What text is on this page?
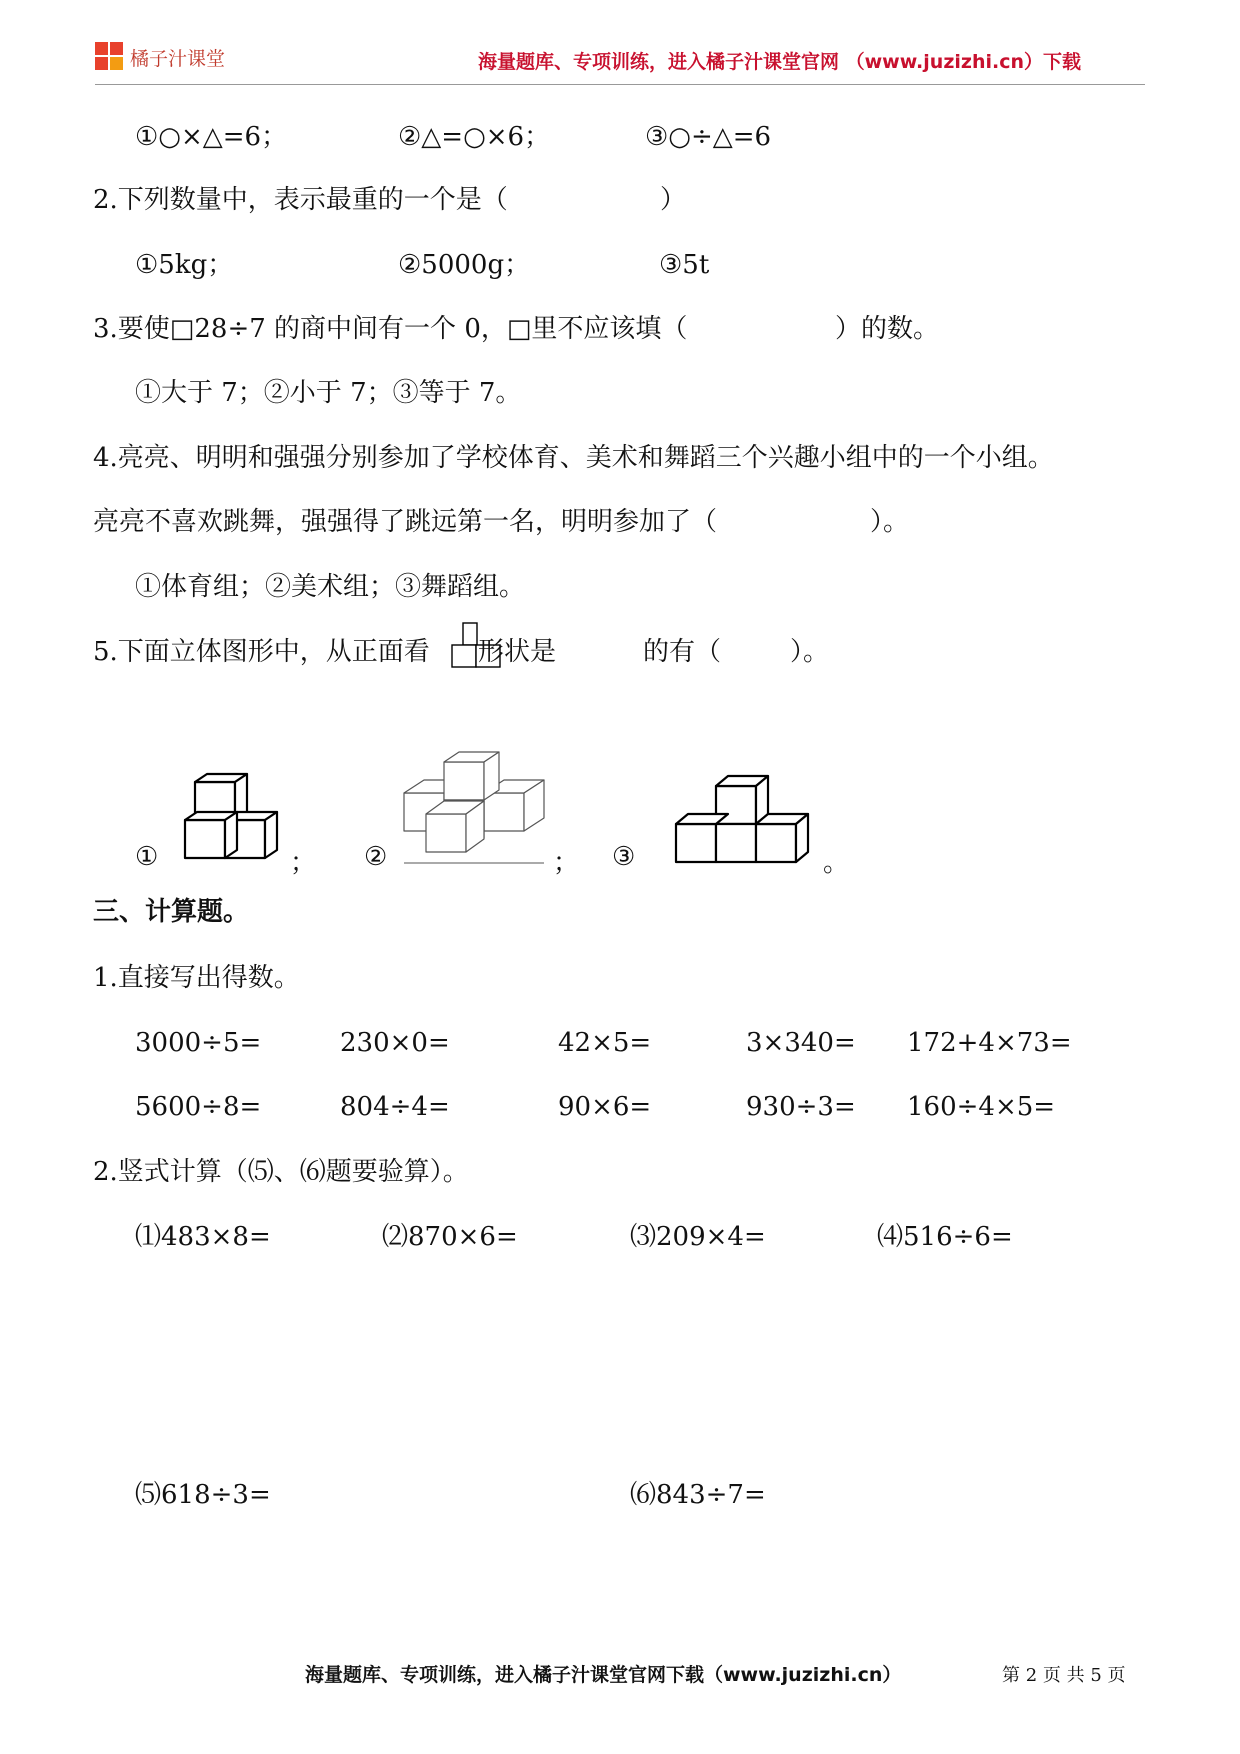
橘子汁课堂	海量题库、专项训练，进入橘子汁课堂官网 （www.juzizhi.cn）下载
①○×△=6；	②△=○×6；	③○÷△=6
2.下列数量中，表示最重的一个是（	）
①5kg；	②5000g；	③5t
3.要使□28÷7 的商中间有一个 0，□里不应该填（	）的数。
①大于 7；②小于 7；③等于 7。
4.亮亮、明明和强强分别参加了学校体育、美术和舞蹈三个兴趣小组中的一个小组。
亮亮不喜欢跳舞，强强得了跳远第一名，明明参加了（	）。
①体育组；②美术组；③舞蹈组。
5.下面立体图形中，从正面看	形状是	的有（	）。
①	； ②	； ③	。
三、计算题。
1.直接写出得数。
3000÷5=	230×0=	42×5=	3×340= 172+4×73=
5600÷8=	804÷4=	90×6=	930÷3= 160÷4×5=
2.竖式计算（⑸、⑹题要验算）。
⑴483×8=	⑵870×6=	⑶209×4=	⑷516÷6=
⑸618÷3=	⑹843÷7=
海量题库、专项训练，进入橘子汁课堂官网下载（www.juzizhi.cn）	第 2 页 共 5 页
